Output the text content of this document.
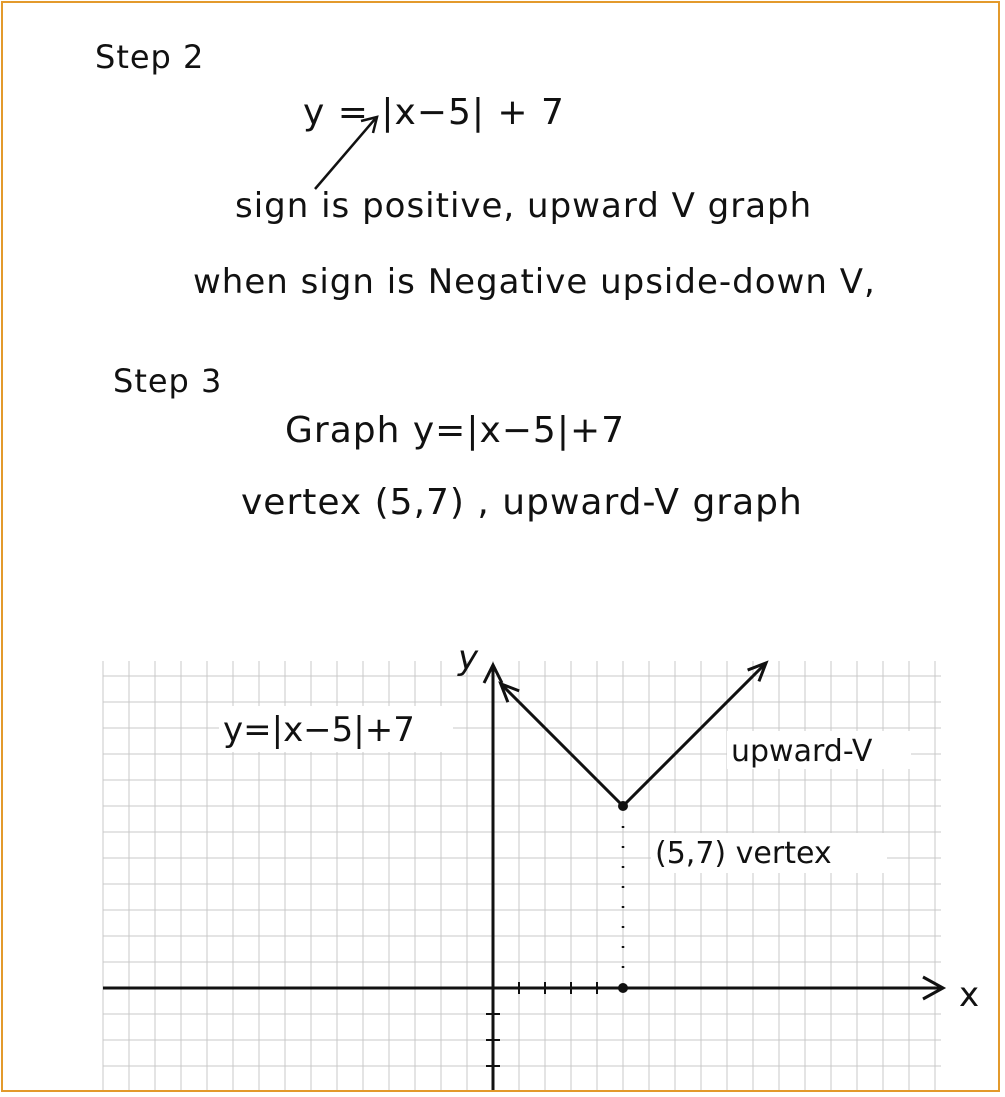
Step 2
y = |x−5| + 7
sign is positive, upward V graph
when sign is Negative upside-down V,
Step 3
Graph y=|x−5|+7
vertex (5,7) , upward-V graph
y
x
y=|x−5|+7
upward-V
(5,7) vertex
